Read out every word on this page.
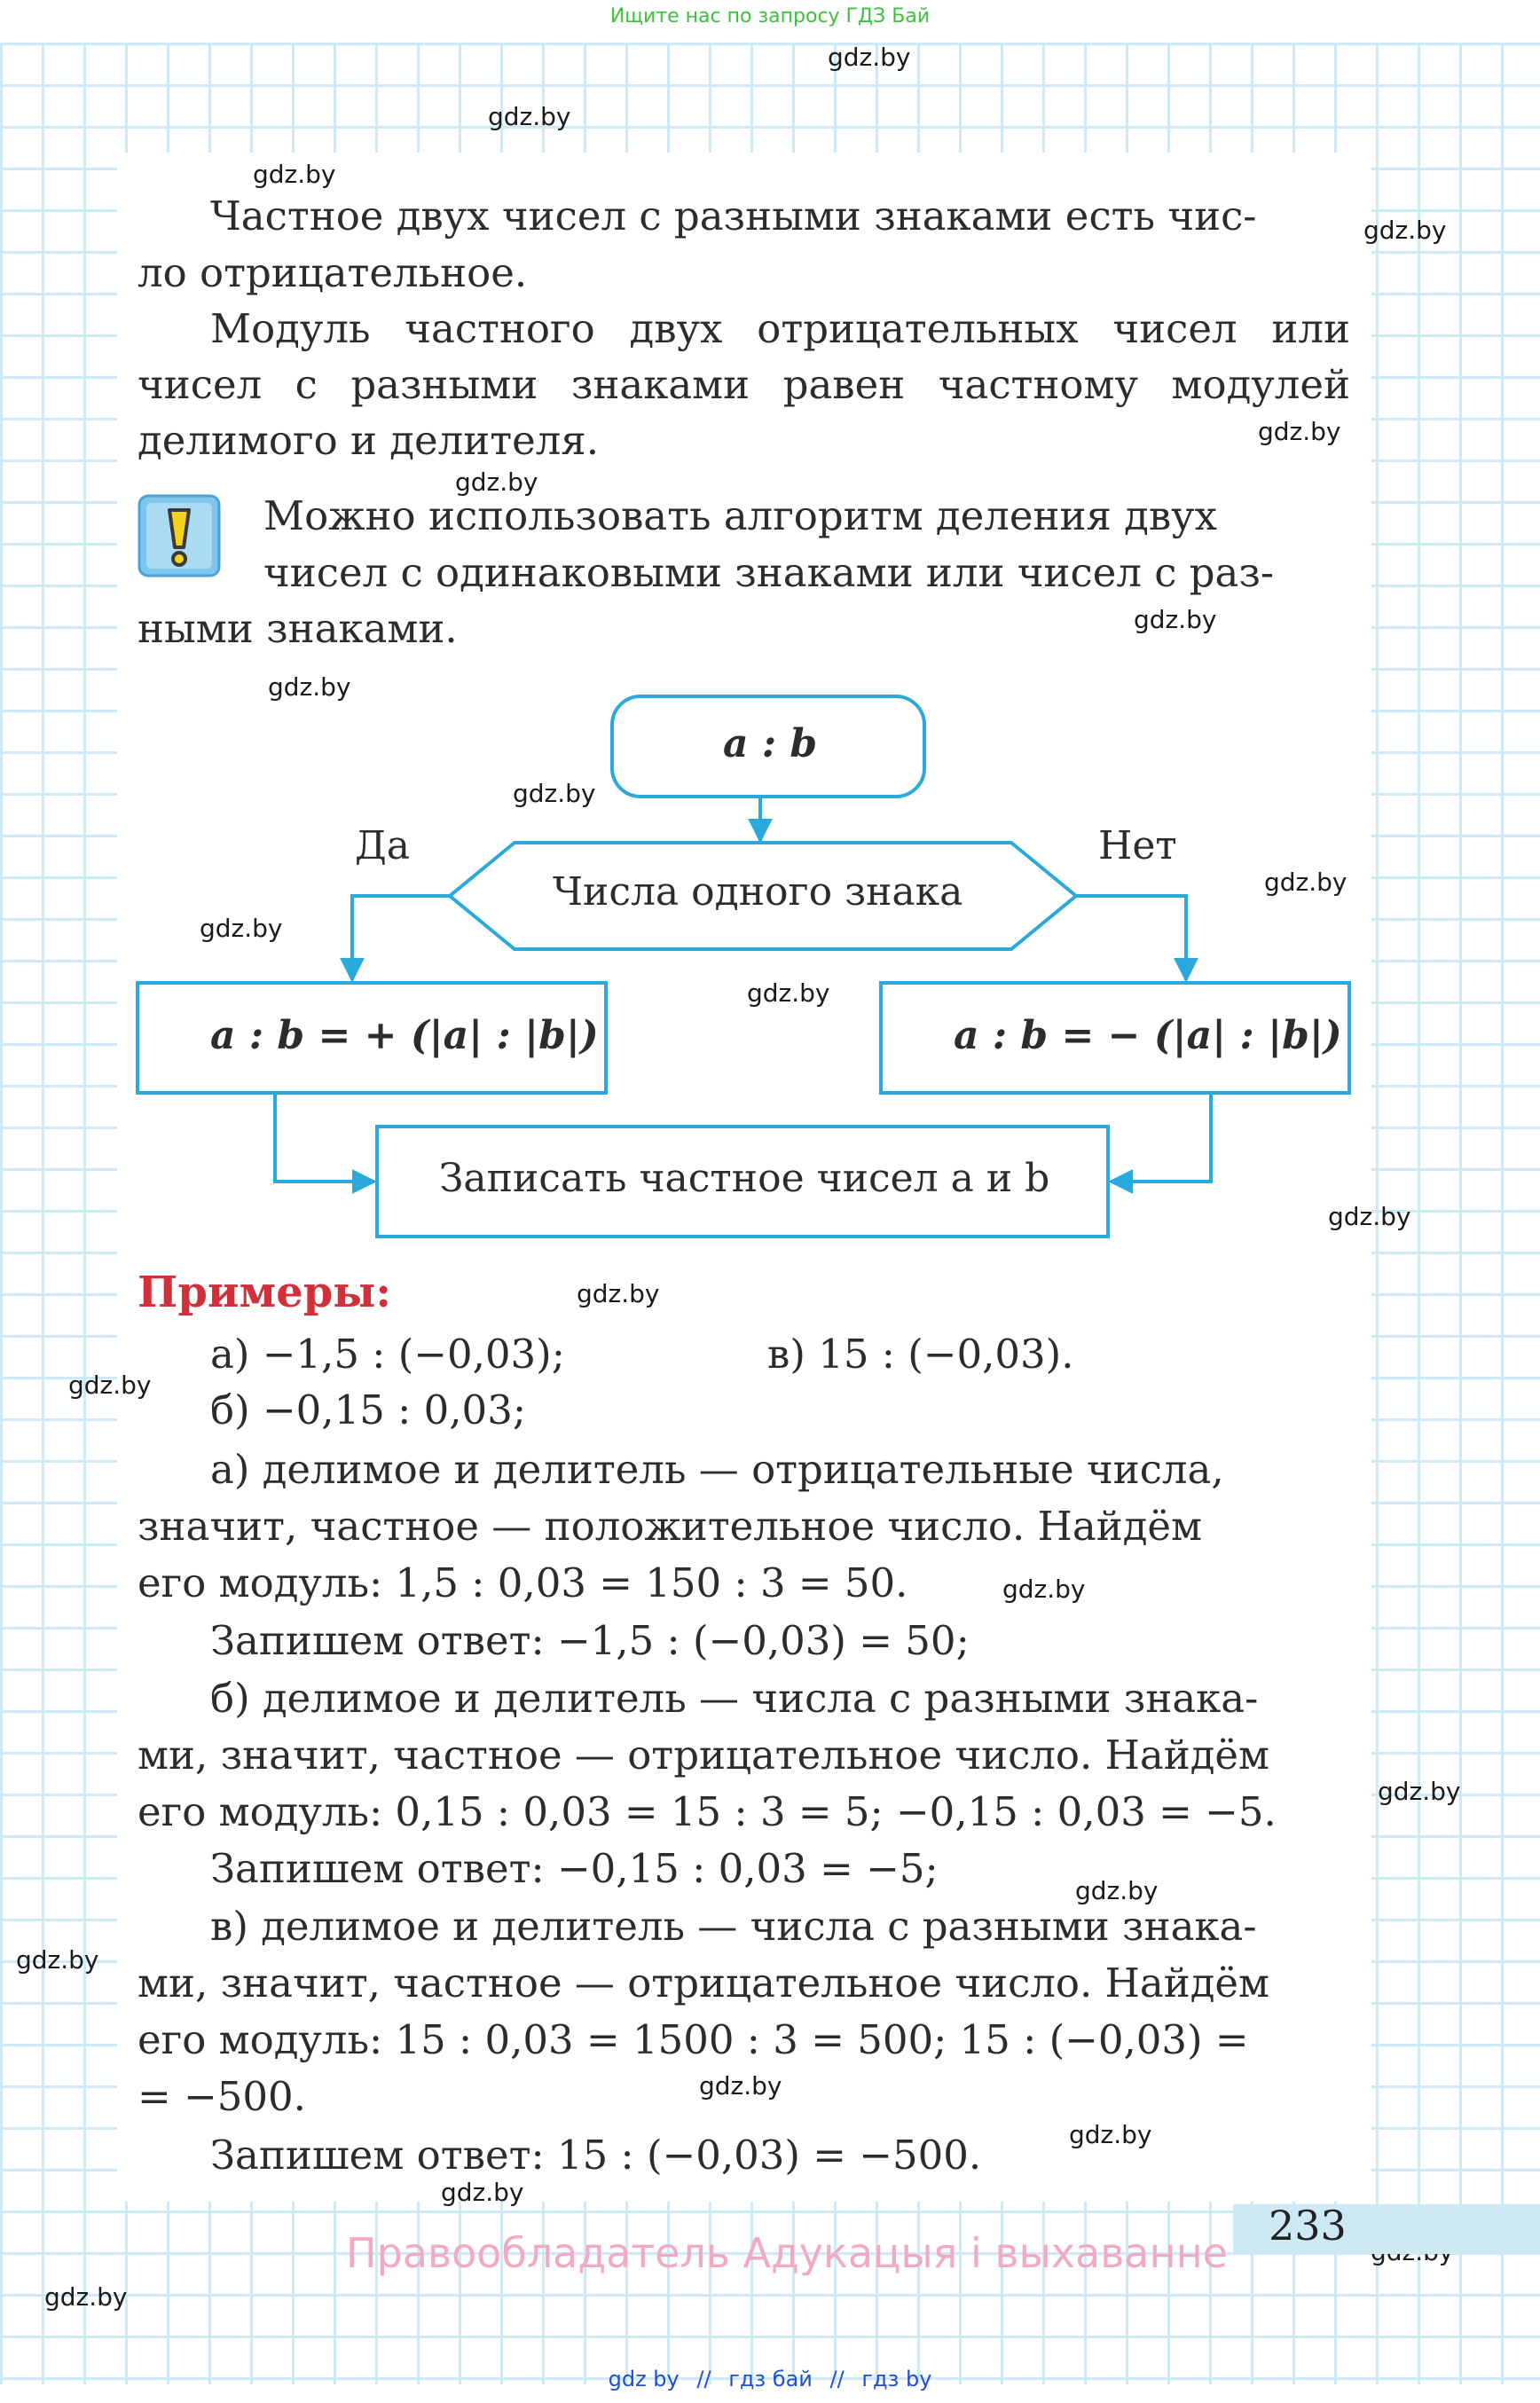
Ищите нас по запросу ГДЗ Бай
gdz.by
gdz.by
gdz.by
gdz.by
gdz.by
gdz.by
gdz.by
gdz.by
gdz.by
gdz.by
gdz.by
gdz.by
gdz.by
gdz.by
gdz.by
gdz.by
gdz.by
gdz.by
gdz.by
gdz.by
gdz.by
gdz.by
gdz.by
Частное двух чисел с разными знаками есть чис-
ло отрицательное.

Модуль частного двух отрицательных чисел или чисел с разными знаками равен частному модулей делимого и делителя.

Можно использовать алгоритм деления двух
чисел с одинаковыми знаками или чисел с раз-
ными знаками.
a : b
Числа одного знака
Да	Нет
a : b = + (|a| : |b|)	a : b = − (|a| : |b|)
Записать частное чисел a и b
Примеры:
а) −1,5 : (−0,03);	в) 15 : (−0,03).
б) −0,15 : 0,03;
а) делимое и делитель — отрицательные числа,
значит, частное — положительное число. Найдём
его модуль: 1,5 : 0,03 = 150 : 3 = 50.
Запишем ответ: −1,5 : (−0,03) = 50;
б) делимое и делитель — числа с разными знака-
ми, значит, частное — отрицательное число. Найдём
его модуль: 0,15 : 0,03 = 15 : 3 = 5; −0,15 : 0,03 = −5.
Запишем ответ: −0,15 : 0,03 = −5;
в) делимое и делитель — числа с разными знака-
ми, значит, частное — отрицательное число. Найдём
его модуль: 15 : 0,03 = 1500 : 3 = 500; 15 : (−0,03) =
= −500.
Запишем ответ: 15 : (−0,03) = −500.
233
Правообладатель Адукацыя і выхаванне
gdz by // гдз бай // гдз by
